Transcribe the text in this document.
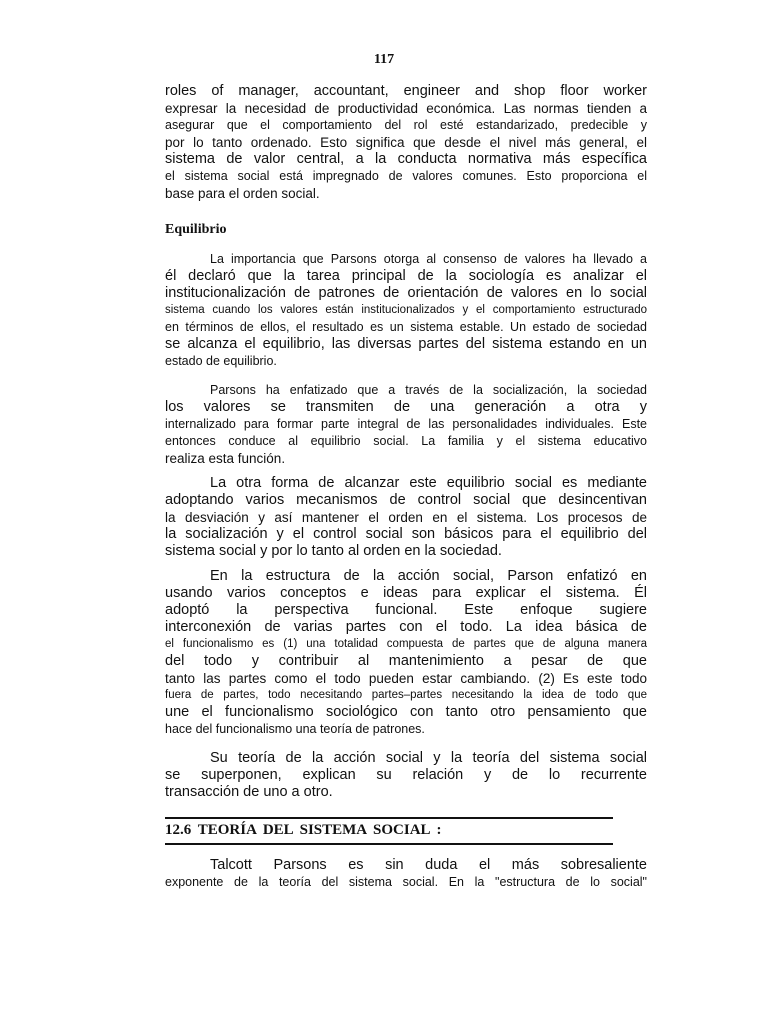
117
roles of manager, accountant, engineer and shop floor worker
expresar la necesidad de productividad económica. Las normas tienden a
asegurar que el comportamiento del rol esté estandarizado, predecible y
por lo tanto ordenado. Esto significa que desde el nivel más general, el
sistema de valor central, a la conducta normativa más específica
el sistema social está impregnado de valores comunes. Esto proporciona el
base para el orden social.
Equilibrio
La importancia que Parsons otorga al consenso de valores ha llevado a
él declaró que la tarea principal de la sociología es analizar el
institucionalización de patrones de orientación de valores en lo social
sistema cuando los valores están institucionalizados y el comportamiento estructurado
en términos de ellos, el resultado es un sistema estable. Un estado de sociedad
se alcanza el equilibrio, las diversas partes del sistema estando en un
estado de equilibrio.
Parsons ha enfatizado que a través de la socialización, la sociedad
los valores se transmiten de una generación a otra y
internalizado para formar parte integral de las personalidades individuales. Este
entonces conduce al equilibrio social. La familia y el sistema educativo
realiza esta función.
La otra forma de alcanzar este equilibrio social es mediante
adoptando varios mecanismos de control social que desincentivan
la desviación y así mantener el orden en el sistema. Los procesos de
la socialización y el control social son básicos para el equilibrio del
sistema social y por lo tanto al orden en la sociedad.
En la estructura de la acción social, Parson enfatizó en
usando varios conceptos e ideas para explicar el sistema. Él
adoptó la perspectiva funcional. Este enfoque sugiere
interconexión de varias partes con el todo. La idea básica de
el funcionalismo es (1) una totalidad compuesta de partes que de alguna manera
del todo y contribuir al mantenimiento a pesar de que
tanto las partes como el todo pueden estar cambiando. (2) Es este todo
fuera de partes, todo necesitando partes–partes necesitando la idea de todo que
une el funcionalismo sociológico con tanto otro pensamiento que
hace del funcionalismo una teoría de patrones.
Su teoría de la acción social y la teoría del sistema social
se superponen, explican su relación y de lo recurrente
transacción de uno a otro.
12.6 TEORÍA DEL SISTEMA SOCIAL :
Talcott Parsons es sin duda el más sobresaliente
exponente de la teoría del sistema social. En la "estructura de lo social"
